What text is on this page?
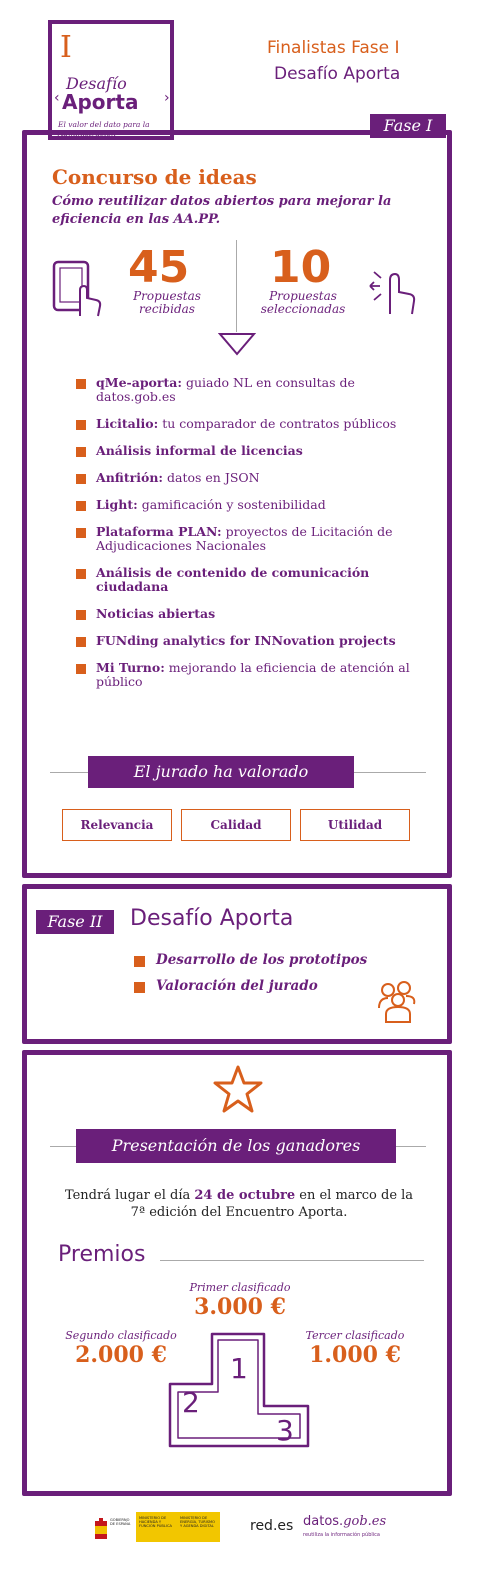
I
Desafío
‹ Aporta ›
El valor del dato para la Administración
Finalistas Fase I
Desafío Aporta
Fase I
Concurso de ideas
Cómo reutilizar datos abiertos para mejorar la eficiencia en las AA.PP.
45
Propuestas
recibidas
10
Propuestas
seleccionadas
qMe-aporta: guiado NL en consultas de datos.gob.es
Licitalio: tu comparador de contratos públicos
Análisis informal de licencias
Anfitrión: datos en JSON
Light: gamificación y sostenibilidad
Plataforma PLAN: proyectos de Licitación de Adjudicaciones Nacionales
Análisis de contenido de comunicación ciudadana
Noticias abiertas
FUNding analytics for INNovation projects
Mi Turno: mejorando la eficiencia de atención al público
El jurado ha valorado
Relevancia	Calidad	Utilidad
Fase II	Desafío Aporta
Desarrollo de los prototipos
Valoración del jurado
Presentación de los ganadores
Tendrá lugar el día 24 de octubre en el marco de la 7ª edición del Encuentro Aporta.
Premios
Primer clasificado
3.000 €
Segundo clasificado
2.000 €
Tercer clasificado
1.000 €
1
2
3
GOBIERNO DE ESPAÑA
MINISTERIO DE HACIENDA Y FUNCIÓN PÚBLICA
MINISTERIO DE ENERGÍA, TURISMO Y AGENDA DIGITAL	red.es datos.gob.es
reutiliza la información pública
